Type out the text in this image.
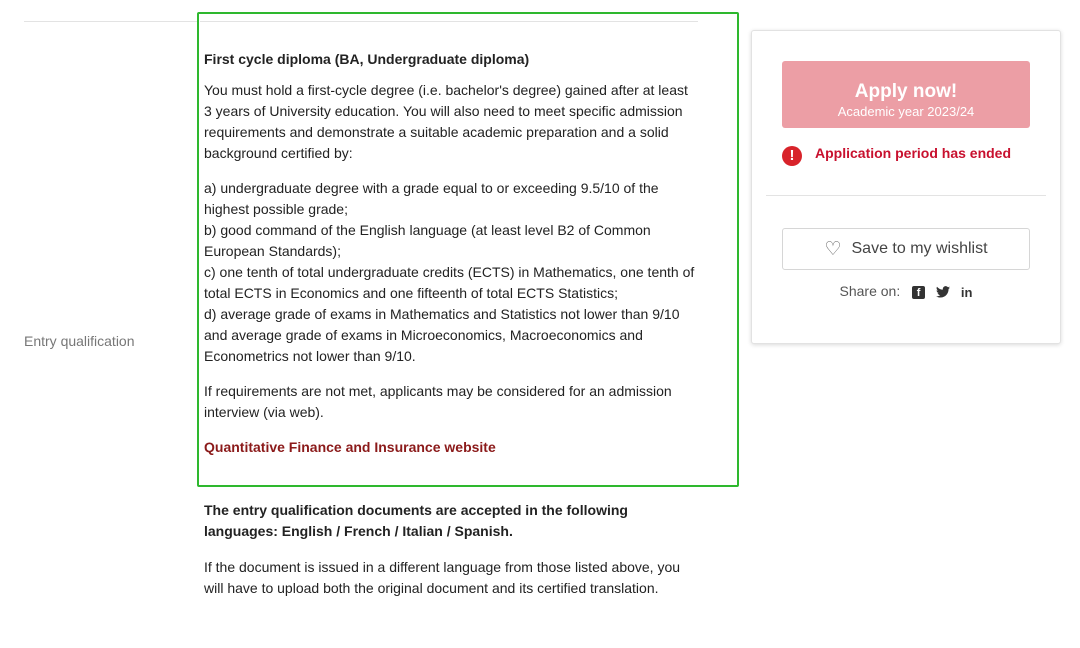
Entry qualification

First cycle diploma (BA, Undergraduate diploma)

You must hold a first-cycle degree (i.e. bachelor's degree) gained after at least 3 years of University education. You will also need to meet specific admission requirements and demonstrate a suitable academic preparation and a solid background certified by:

a) undergraduate degree with a grade equal to or exceeding 9.5/10 of the highest possible grade;

b) good command of the English language (at least level B2 of Common European Standards);

c) one tenth of total undergraduate credits (ECTS) in Mathematics, one tenth of total ECTS in Economics and one fifteenth of total ECTS Statistics;

d) average grade of exams in Mathematics and Statistics not lower than 9/10 and average grade of exams in Microeconomics, Macroeconomics and Econometrics not lower than 9/10.

If requirements are not met, applicants may be considered for an admission interview (via web).

Quantitative Finance and Insurance website

The entry qualification documents are accepted in the following languages: English / French / Italian / Spanish.

If the document is issued in a different language from those listed above, you will have to upload both the original document and its certified translation.

Apply now!
Academic year 2023/24
!	Application period has ended
♡ Save to my wishlist
Share on: f	in
